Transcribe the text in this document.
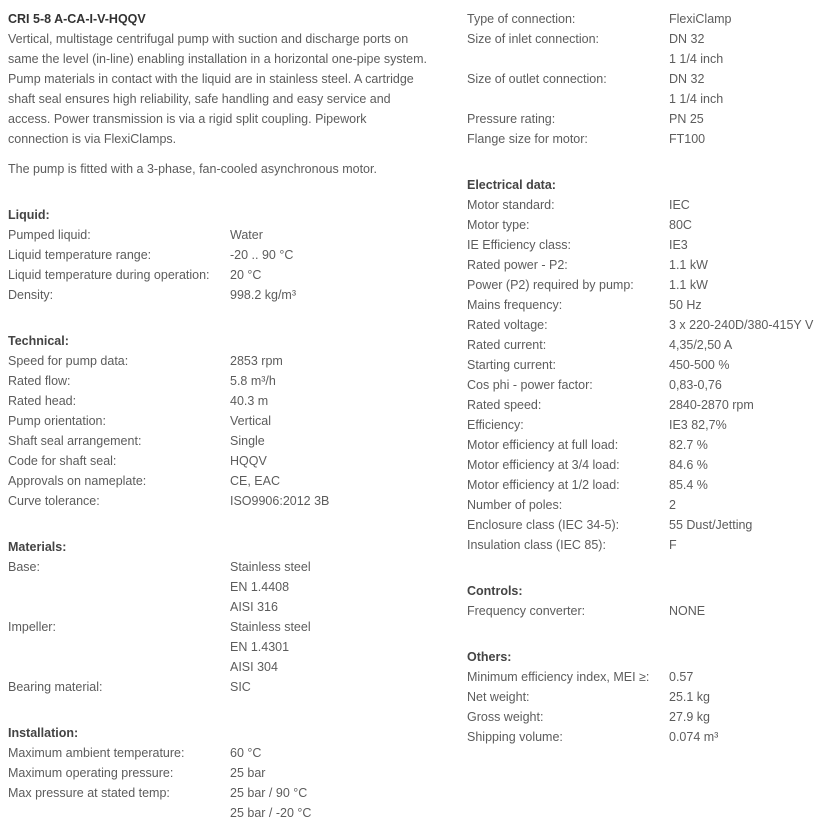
CRI 5-8 A-CA-I-V-HQQV
Vertical, multistage centrifugal pump with suction and discharge ports on
same the level (in-line) enabling installation in a horizontal one-pipe system.
Pump materials in contact with the liquid are in stainless steel. A cartridge
shaft seal ensures high reliability, safe handling and easy service and
access. Power transmission is via a rigid split coupling. Pipework
connection is via FlexiClamps.
The pump is fitted with a 3-phase, fan-cooled asynchronous motor.
Liquid:
Pumped liquid:	Water
Liquid temperature range:	-20 .. 90 °C
Liquid temperature during operation:	20 °C
Density:	998.2 kg/m³
Technical:
Speed for pump data:	2853 rpm
Rated flow:	5.8 m³/h
Rated head:	40.3 m
Pump orientation:	Vertical
Shaft seal arrangement:	Single
Code for shaft seal:	HQQV
Approvals on nameplate:	CE, EAC
Curve tolerance:	ISO9906:2012 3B
Materials:
Base:	Stainless steel
EN 1.4408
AISI 316
Impeller:	Stainless steel
EN 1.4301
AISI 304
Bearing material:	SIC
Installation:
Maximum ambient temperature:	60 °C
Maximum operating pressure:	25 bar
Max pressure at stated temp:	25 bar / 90 °C
25 bar / -20 °C
Type of connection:	FlexiClamp
Size of inlet connection:	DN 32
1 1/4 inch
Size of outlet connection:	DN 32
1 1/4 inch
Pressure rating:	PN 25
Flange size for motor:	FT100
Electrical data:
Motor standard:	IEC
Motor type:	80C
IE Efficiency class:	IE3
Rated power - P2:	1.1 kW
Power (P2) required by pump:	1.1 kW
Mains frequency:	50 Hz
Rated voltage:	3 x 220-240D/380-415Y V
Rated current:	4,35/2,50 A
Starting current:	450-500 %
Cos phi - power factor:	0,83-0,76
Rated speed:	2840-2870 rpm
Efficiency:	IE3 82,7%
Motor efficiency at full load:	82.7 %
Motor efficiency at 3/4 load:	84.6 %
Motor efficiency at 1/2 load:	85.4 %
Number of poles:	2
Enclosure class (IEC 34-5):	55 Dust/Jetting
Insulation class (IEC 85):	F
Controls:
Frequency converter:	NONE
Others:
Minimum efficiency index, MEI ≥:	0.57
Net weight:	25.1 kg
Gross weight:	27.9 kg
Shipping volume:	0.074 m³
